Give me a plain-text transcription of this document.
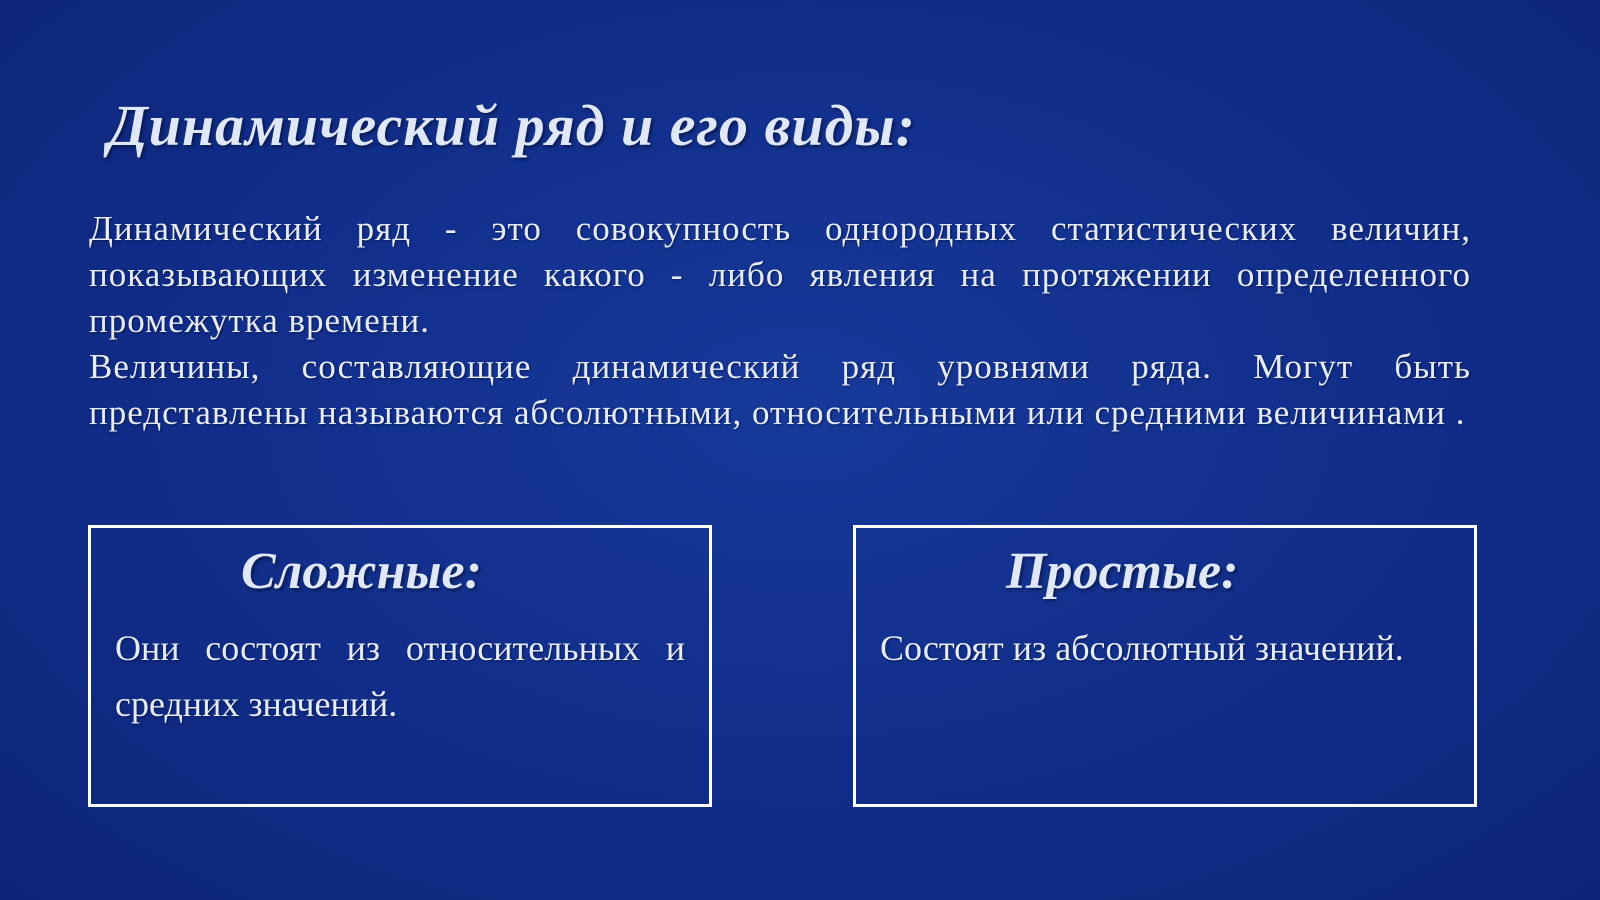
Динамический ряд и его виды:

Динамический ряд - это совокупность однородных статистических величин, показывающих изменение какого - либо явления на протяжении определенного промежутка времени.

Величины, составляющие динамический ряд уровнями ряда. Могут быть представлены называются абсолютными, относительными или средними величинами .

Сложные:

Они состоят из относительных и средних значений.

Простые:

Состоят из абсолютный значений.
